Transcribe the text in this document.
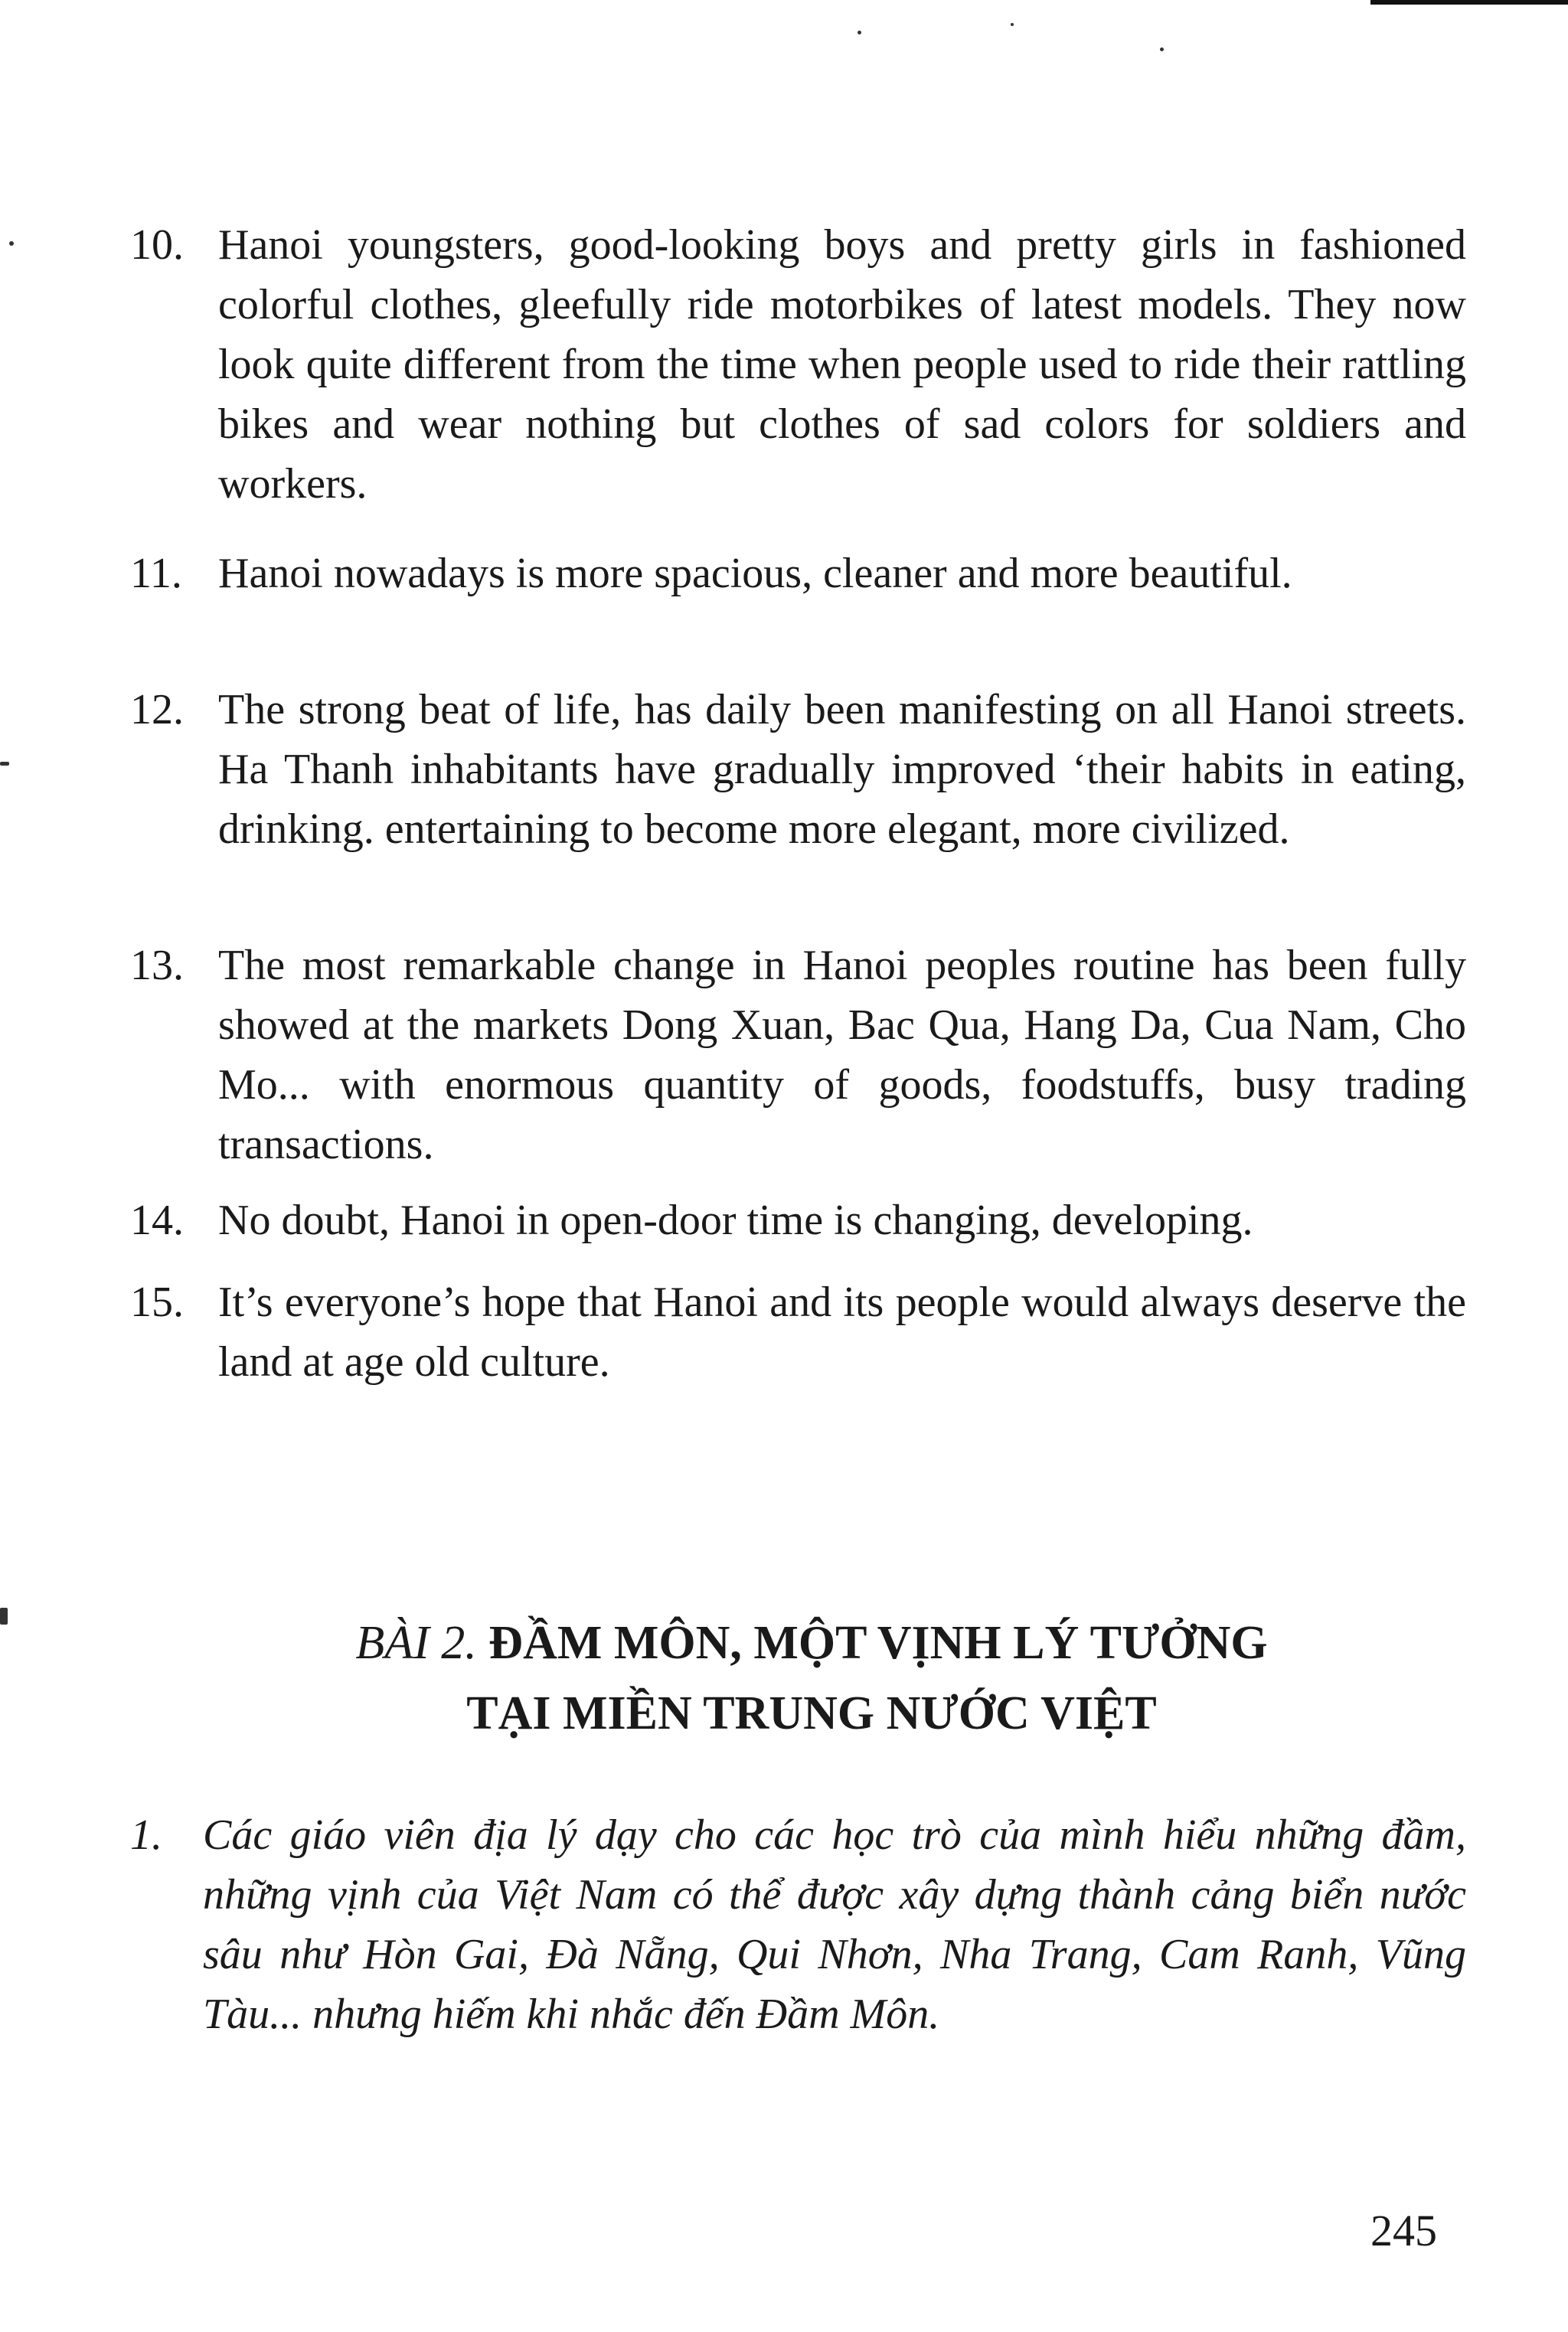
10. Hanoi youngsters, good-looking boys and pretty girls in fashioned colorful clothes, gleefully ride motorbikes of latest models. They now look quite different from the time when people used to ride their rattling bikes and wear nothing but clothes of sad colors for soldiers and workers.
11. Hanoi nowadays is more spacious, cleaner and more beautiful.
12. The strong beat of life, has daily been manifesting on all Hanoi streets. Ha Thanh inhabitants have gradually improved ‘their habits in eating, drinking. entertaining to become more elegant, more civilized.
13. The most remarkable change in Hanoi peoples routine has been fully showed at the markets Dong Xuan, Bac Qua, Hang Da, Cua Nam, Cho Mo... with enormous quantity of goods, foodstuffs, busy trading transactions.
14. No doubt, Hanoi in open-door time is changing, developing.
15. It’s everyone’s hope that Hanoi and its people would always deserve the land at age old culture.
BÀI 2. ĐẦM MÔN, MỘT VỊNH LÝ TƯỞNG
TẠI MIỀN TRUNG NƯỚC VIỆT
1. Các giáo viên địa lý dạy cho các học trò của mình hiểu những đầm, những vịnh của Việt Nam có thể được xây dựng thành cảng biển nước sâu như Hòn Gai, Đà Nẵng, Qui Nhơn, Nha Trang, Cam Ranh, Vũng Tàu... nhưng hiếm khi nhắc đến Đầm Môn.
245
